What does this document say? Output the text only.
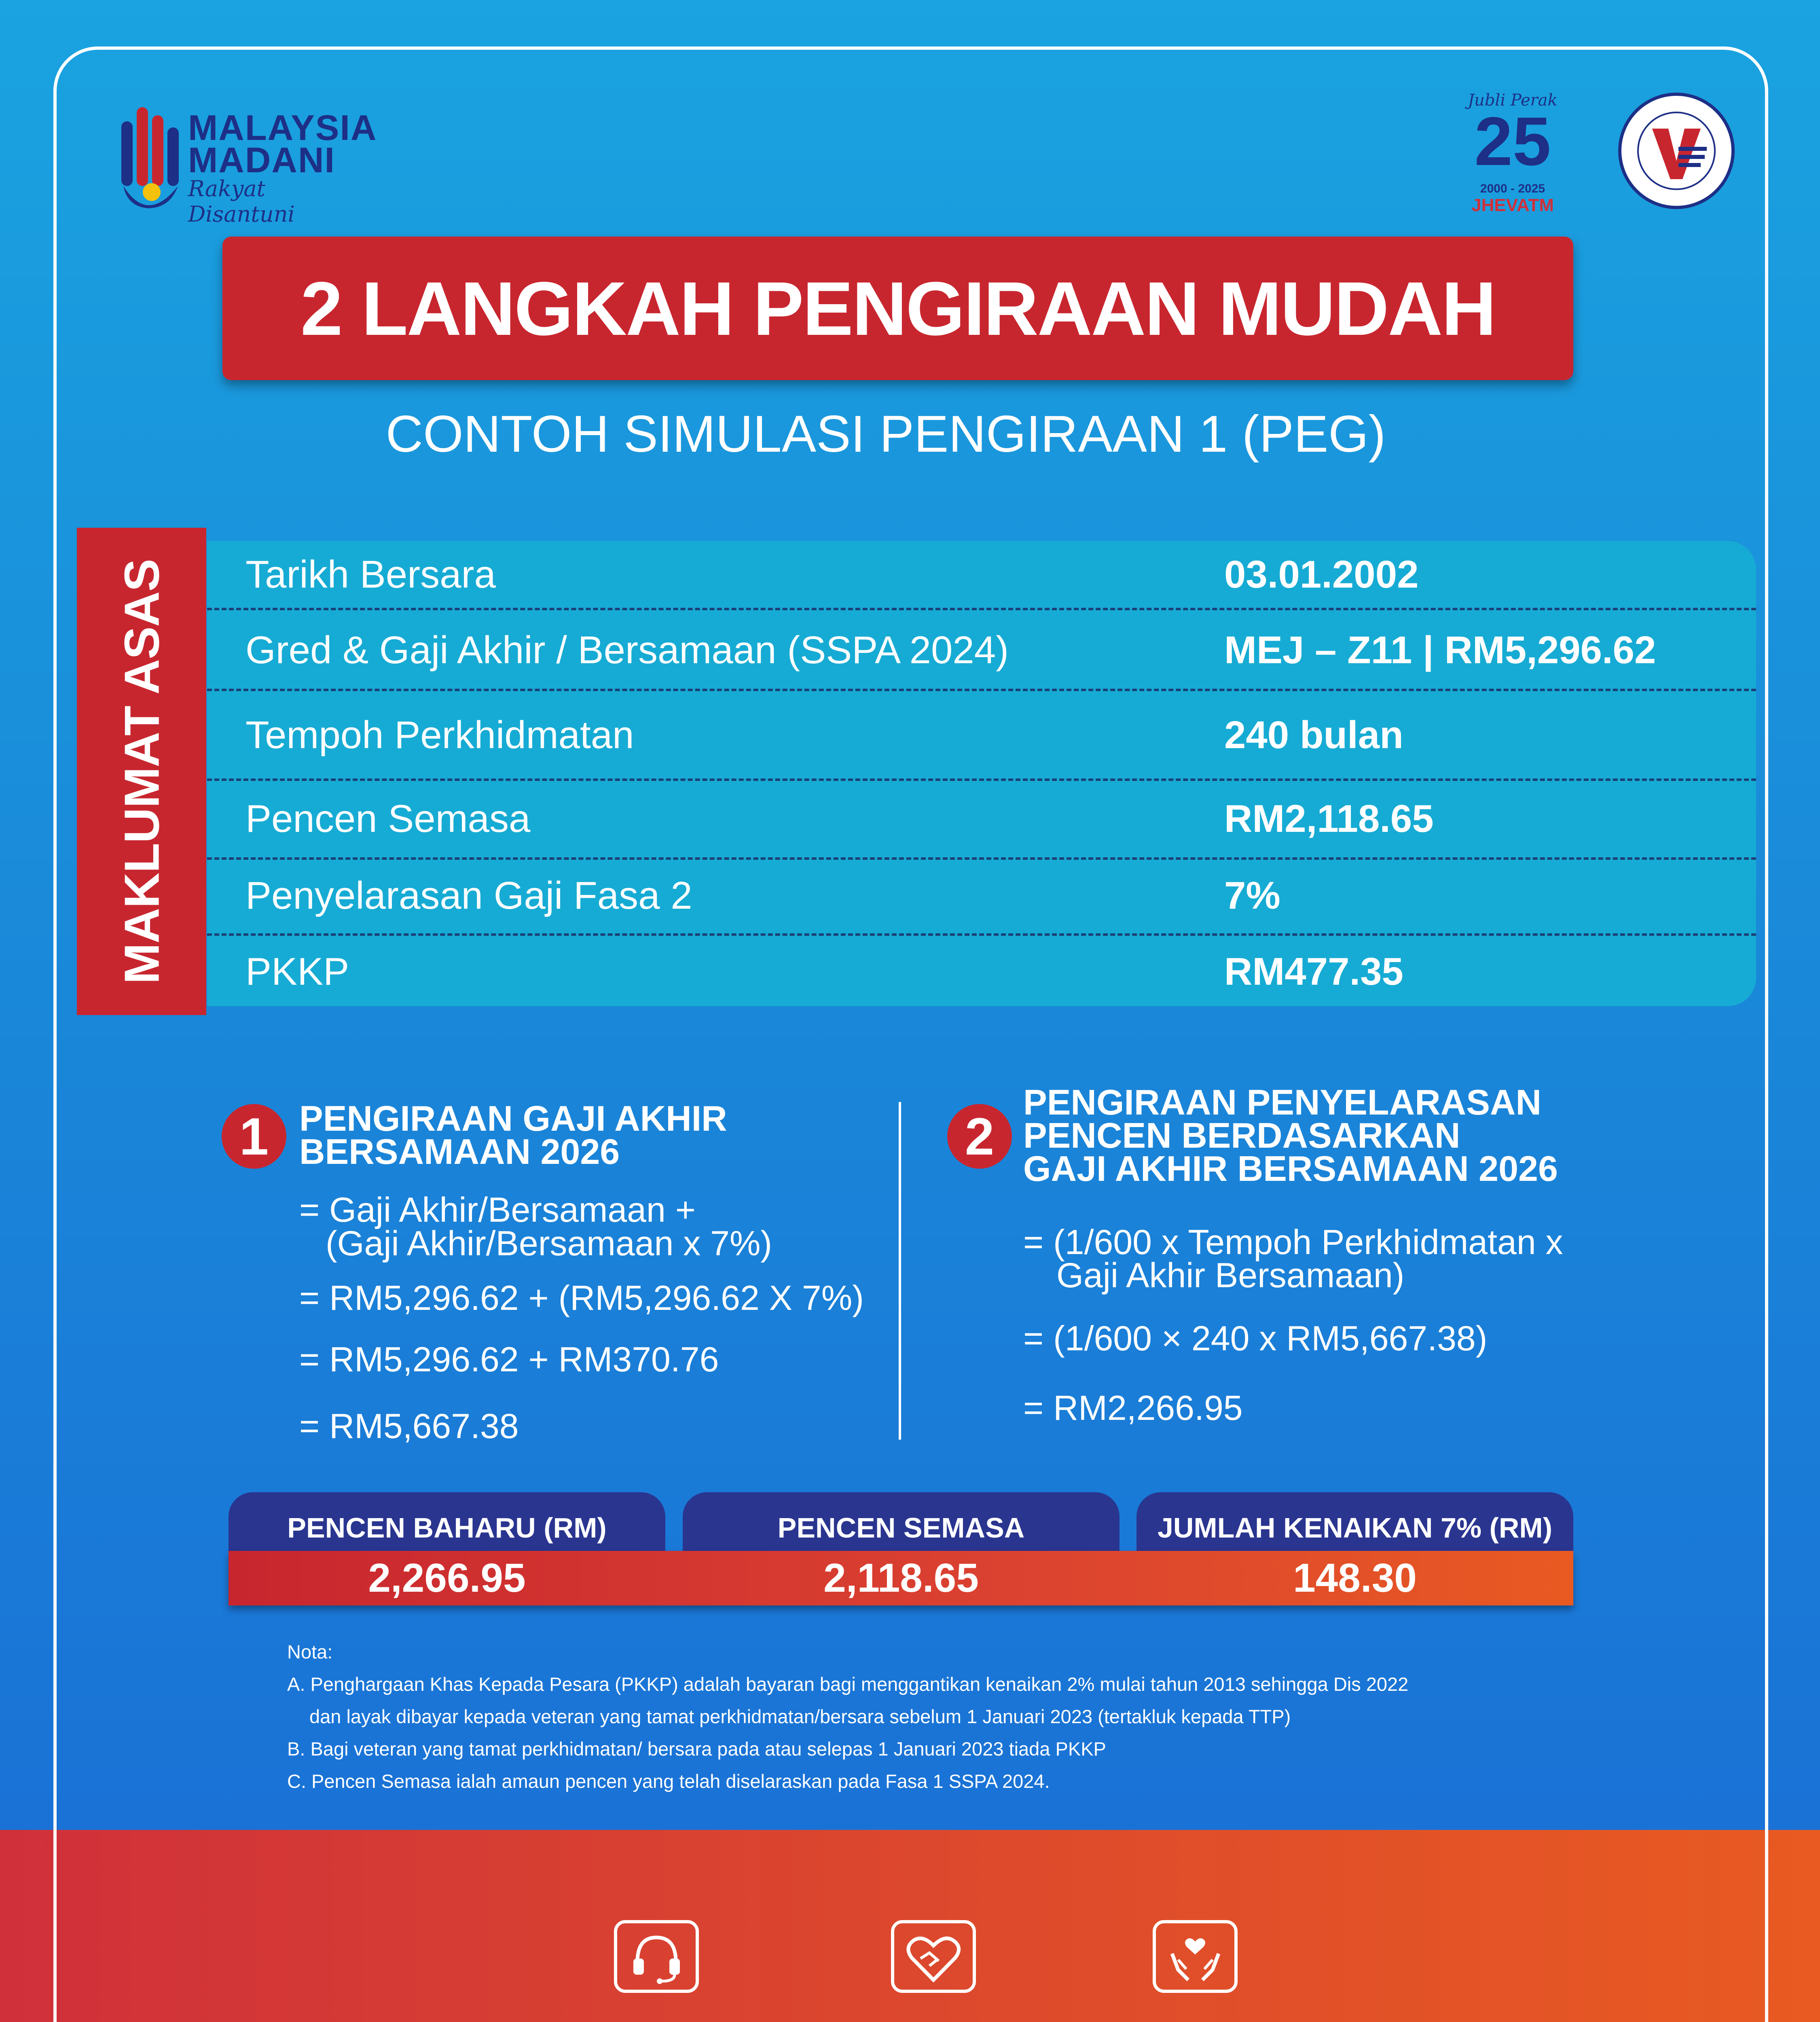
MALAYSIA
MADANI
Rakyat Disantuni
Jubli Perak
25
2000 - 2025
JHEVATM
2 LANGKAH PENGIRAAN MUDAH
CONTOH SIMULASI PENGIRAAN 1 (PEG)
MAKLUMAT ASAS Tarikh Bersara	03.01.2002
Gred & Gaji Akhir / Bersamaan (SSPA 2024)	MEJ – Z11 | RM5,296.62
Tempoh Perkhidmatan	240 bulan
Pencen Semasa	RM2,118.65
Penyelarasan Gaji Fasa 2	7%
PKKP	RM477.35
1 PENGIRAAN GAJI AKHIR
BERSAMAAN 2026
= Gaji Akhir/Bersamaan +
(Gaji Akhir/Bersamaan x 7%)
= RM5,296.62 + (RM5,296.62 X 7%)
= RM5,296.62 + RM370.76
= RM5,667.38
2
PENGIRAAN PENYELARASAN
PENCEN BERDASARKAN
GAJI AKHIR BERSAMAAN 2026
= (1/600 x Tempoh Perkhidmatan x
Gaji Akhir Bersamaan)
= (1/600 × 240 x RM5,667.38)
= RM2,266.95
PENCEN BAHARU (RM)	PENCEN SEMASA	JUMLAH KENAIKAN 7% (RM)
2,266.95	2,118.65	148.30
Nota:
A. Penghargaan Khas Kepada Pesara (PKKP) adalah bayaran bagi menggantikan kenaikan 2% mulai tahun 2013 sehingga Dis 2022
dan layak dibayar kepada veteran yang tamat perkhidmatan/bersara sebelum 1 Januari 2023 (tertakluk kepada TTP)
B. Bagi veteran yang tamat perkhidmatan/ bersara pada atau selepas 1 Januari 2023 tiada PKKP
C. Pencen Semasa ialah amaun pencen yang telah diselaraskan pada Fasa 1 SSPA 2024.
